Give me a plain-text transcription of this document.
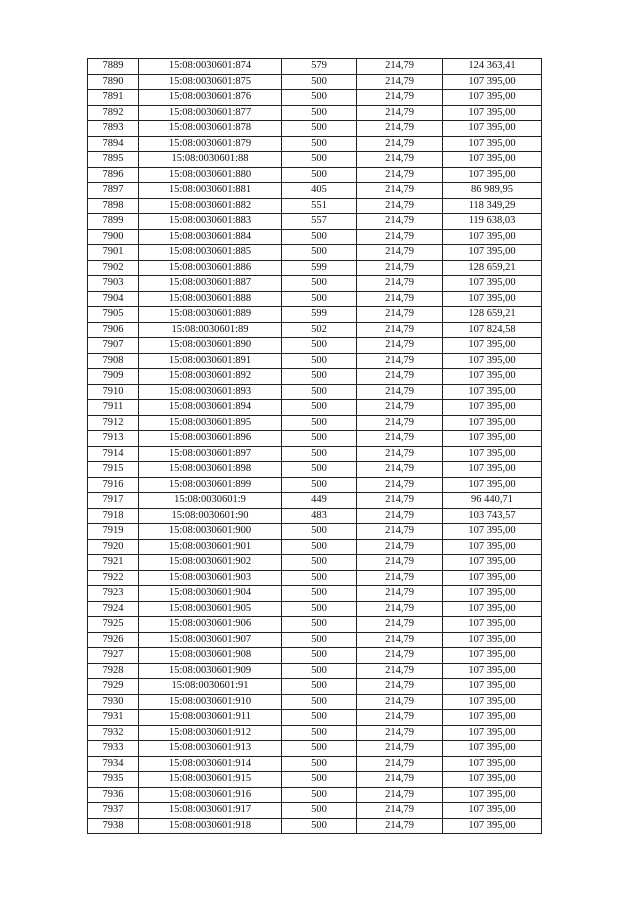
7889	15:08:0030601:874	579	214,79	124 363,41
7890	15:08:0030601:875	500	214,79	107 395,00
7891	15:08:0030601:876	500	214,79	107 395,00
7892	15:08:0030601:877	500	214,79	107 395,00
7893	15:08:0030601:878	500	214,79	107 395,00
7894	15:08:0030601:879	500	214,79	107 395,00
7895	15:08:0030601:88	500	214,79	107 395,00
7896	15:08:0030601:880	500	214,79	107 395,00
7897	15:08:0030601:881	405	214,79	86 989,95
7898	15:08:0030601:882	551	214,79	118 349,29
7899	15:08:0030601:883	557	214,79	119 638,03
7900	15:08:0030601:884	500	214,79	107 395,00
7901	15:08:0030601:885	500	214,79	107 395,00
7902	15:08:0030601:886	599	214,79	128 659,21
7903	15:08:0030601:887	500	214,79	107 395,00
7904	15:08:0030601:888	500	214,79	107 395,00
7905	15:08:0030601:889	599	214,79	128 659,21
7906	15:08:0030601:89	502	214,79	107 824,58
7907	15:08:0030601:890	500	214,79	107 395,00
7908	15:08:0030601:891	500	214,79	107 395,00
7909	15:08:0030601:892	500	214,79	107 395,00
7910	15:08:0030601:893	500	214,79	107 395,00
7911	15:08:0030601:894	500	214,79	107 395,00
7912	15:08:0030601:895	500	214,79	107 395,00
7913	15:08:0030601:896	500	214,79	107 395,00
7914	15:08:0030601:897	500	214,79	107 395,00
7915	15:08:0030601:898	500	214,79	107 395,00
7916	15:08:0030601:899	500	214,79	107 395,00
7917	15:08:0030601:9	449	214,79	96 440,71
7918	15:08:0030601:90	483	214,79	103 743,57
7919	15:08:0030601:900	500	214,79	107 395,00
7920	15:08:0030601:901	500	214,79	107 395,00
7921	15:08:0030601:902	500	214,79	107 395,00
7922	15:08:0030601:903	500	214,79	107 395,00
7923	15:08:0030601:904	500	214,79	107 395,00
7924	15:08:0030601:905	500	214,79	107 395,00
7925	15:08:0030601:906	500	214,79	107 395,00
7926	15:08:0030601:907	500	214,79	107 395,00
7927	15:08:0030601:908	500	214,79	107 395,00
7928	15:08:0030601:909	500	214,79	107 395,00
7929	15:08:0030601:91	500	214,79	107 395,00
7930	15:08:0030601:910	500	214,79	107 395,00
7931	15:08:0030601:911	500	214,79	107 395,00
7932	15:08:0030601:912	500	214,79	107 395,00
7933	15:08:0030601:913	500	214,79	107 395,00
7934	15:08:0030601:914	500	214,79	107 395,00
7935	15:08:0030601:915	500	214,79	107 395,00
7936	15:08:0030601:916	500	214,79	107 395,00
7937	15:08:0030601:917	500	214,79	107 395,00
7938	15:08:0030601:918	500	214,79	107 395,00
